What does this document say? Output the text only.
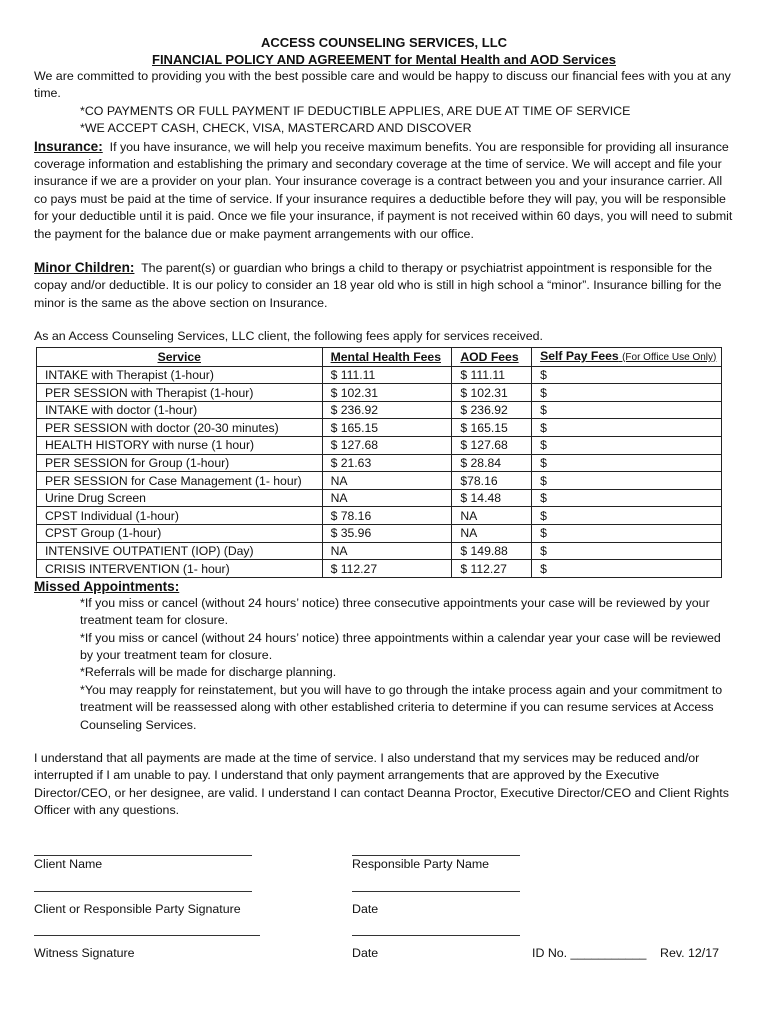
ACCESS COUNSELING SERVICES, LLC
FINANCIAL POLICY AND AGREEMENT for Mental Health and AOD Services

We are committed to providing you with the best possible care and would be happy to discuss our financial fees with you at any time.

*CO PAYMENTS OR FULL PAYMENT IF DEDUCTIBLE APPLIES, ARE DUE AT TIME OF SERVICE

*WE ACCEPT CASH, CHECK, VISA, MASTERCARD AND DISCOVER

Insurance: If you have insurance, we will help you receive maximum benefits. You are responsible for providing all insurance coverage information and establishing the primary and secondary coverage at the time of service. We will accept and file your insurance if we are a provider on your plan. Your insurance coverage is a contract between you and your insurance carrier. All co pays must be paid at the time of service. If your insurance requires a deductible before they will pay, you will be responsible for your deductible until it is paid. Once we file your insurance, if payment is not received within 60 days, you will need to submit the payment for the balance due or make payment arrangements with our office.

Minor Children: The parent(s) or guardian who brings a child to therapy or psychiatrist appointment is responsible for the copay and/or deductible. It is our policy to consider an 18 year old who is still in high school a “minor”. Insurance billing for the minor is the same as the above section on Insurance.

As an Access Counseling Services, LLC client, the following fees apply for services received.

Service	Mental Health Fees	AOD Fees	Self Pay Fees (For Office Use Only)
INTAKE with Therapist (1-hour)	$ 111.11	$ 111.11	$
PER SESSION with Therapist (1-hour)	$ 102.31	$ 102.31	$
INTAKE with doctor (1-hour)	$ 236.92	$ 236.92	$
PER SESSION with doctor (20-30 minutes)	$ 165.15	$ 165.15	$
HEALTH HISTORY with nurse (1 hour)	$ 127.68	$ 127.68	$
PER SESSION for Group (1-hour)	$ 21.63	$ 28.84	$
PER SESSION for Case Management (1- hour)	NA	$78.16	$
Urine Drug Screen	NA	$ 14.48	$
CPST Individual (1-hour)	$ 78.16	NA	$
CPST Group (1-hour)	$ 35.96	NA	$
INTENSIVE OUTPATIENT (IOP) (Day)	NA	$ 149.88	$
CRISIS INTERVENTION (1- hour)	$ 112.27	$ 112.27	$
Missed Appointments:

*If you miss or cancel (without 24 hours’ notice) three consecutive appointments your case will be reviewed by your treatment team for closure.

*If you miss or cancel (without 24 hours’ notice) three appointments within a calendar year your case will be reviewed by your treatment team for closure.

*Referrals will be made for discharge planning.

*You may reapply for reinstatement, but you will have to go through the intake process again and your commitment to treatment will be reassessed along with other established criteria to determine if you can resume services at Access Counseling Services.

I understand that all payments are made at the time of service. I also understand that my services may be reduced and/or interrupted if I am unable to pay. I understand that only payment arrangements that are approved by the Executive Director/CEO, or her designee, are valid. I understand I can contact Deanna Proctor, Executive Director/CEO and Client Rights Officer with any questions.

Client Name	Responsible Party Name
Client or Responsible Party Signature	Date
Witness Signature	Date	ID No. ___________ Rev. 12/17
